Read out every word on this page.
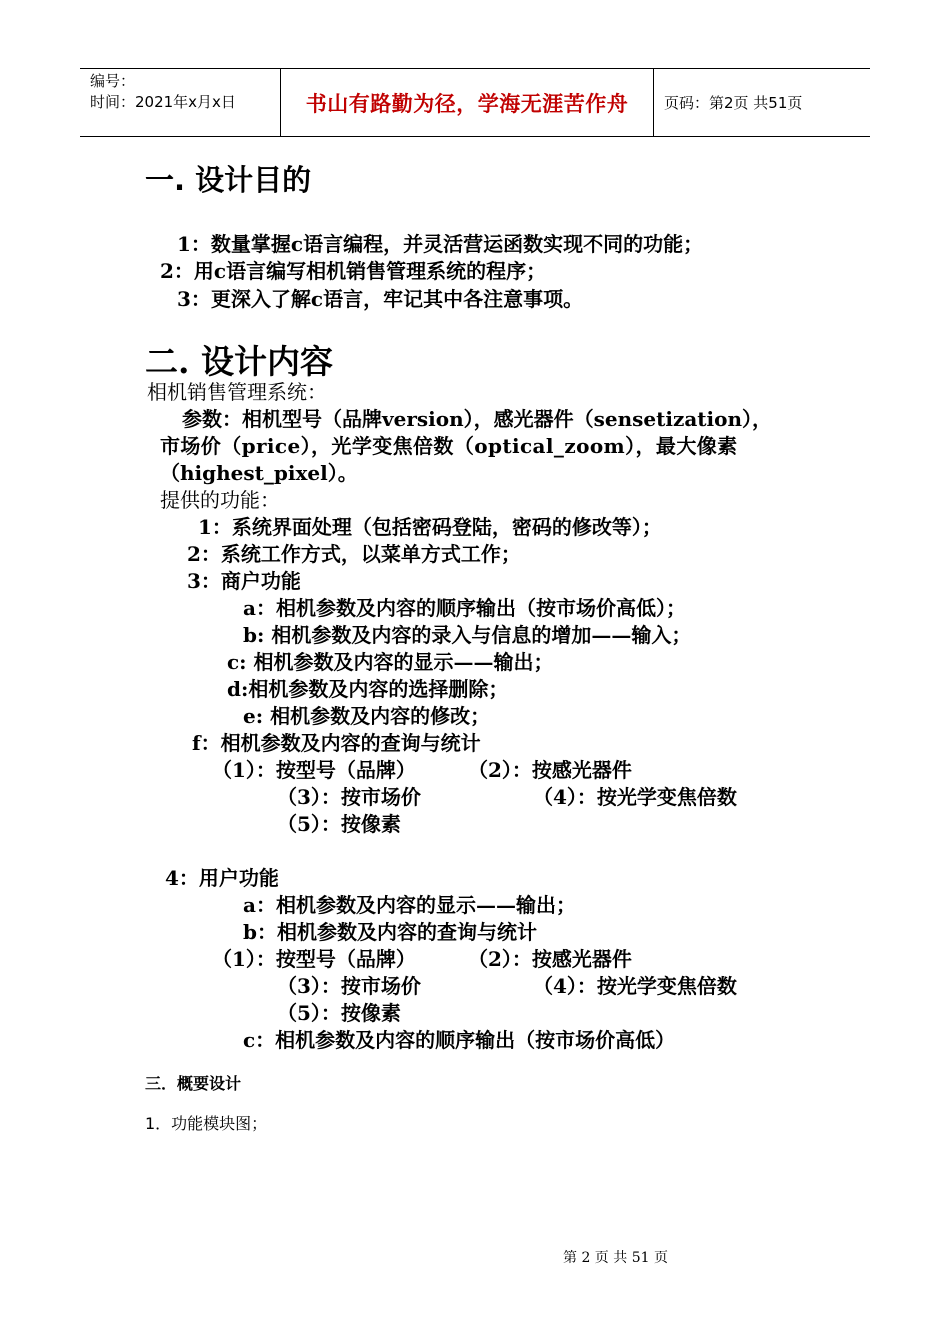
编号：
时间：2021年x月x日	书山有路勤为径，学海无涯苦作舟 页码：第2页 共51页
一. 设计目的
1：数量掌握c语言编程，并灵活营运函数实现不同的功能；
2：用c语言编写相机销售管理系统的程序；
3：更深入了解c语言，牢记其中各注意事项。
二. 设计内容
相机销售管理系统：
参数：相机型号（品牌version），感光器件（sensetization），
市场价（price），光学变焦倍数（optical_zoom），最大像素
（highest_pixel）。
提供的功能：
1：系统界面处理（包括密码登陆，密码的修改等）；
2：系统工作方式，以菜单方式工作；
3：商户功能
a：相机参数及内容的顺序输出（按市场价高低）；
b: 相机参数及内容的录入与信息的增加——输入；
c: 相机参数及内容的显示——输出；
d:相机参数及内容的选择删除；
e: 相机参数及内容的修改；
f：相机参数及内容的查询与统计
（1）：按型号（品牌）	（2）：按感光器件
（3）：按市场价	（4）：按光学变焦倍数
（5）：按像素
4：用户功能
a：相机参数及内容的显示——输出；
b：相机参数及内容的查询与统计
（1）：按型号（品牌）	（2）：按感光器件
（3）：按市场价	（4）：按光学变焦倍数
（5）：按像素
c：相机参数及内容的顺序输出（按市场价高低）
三．概要设计
1．功能模块图；
第 2 页 共 51 页
